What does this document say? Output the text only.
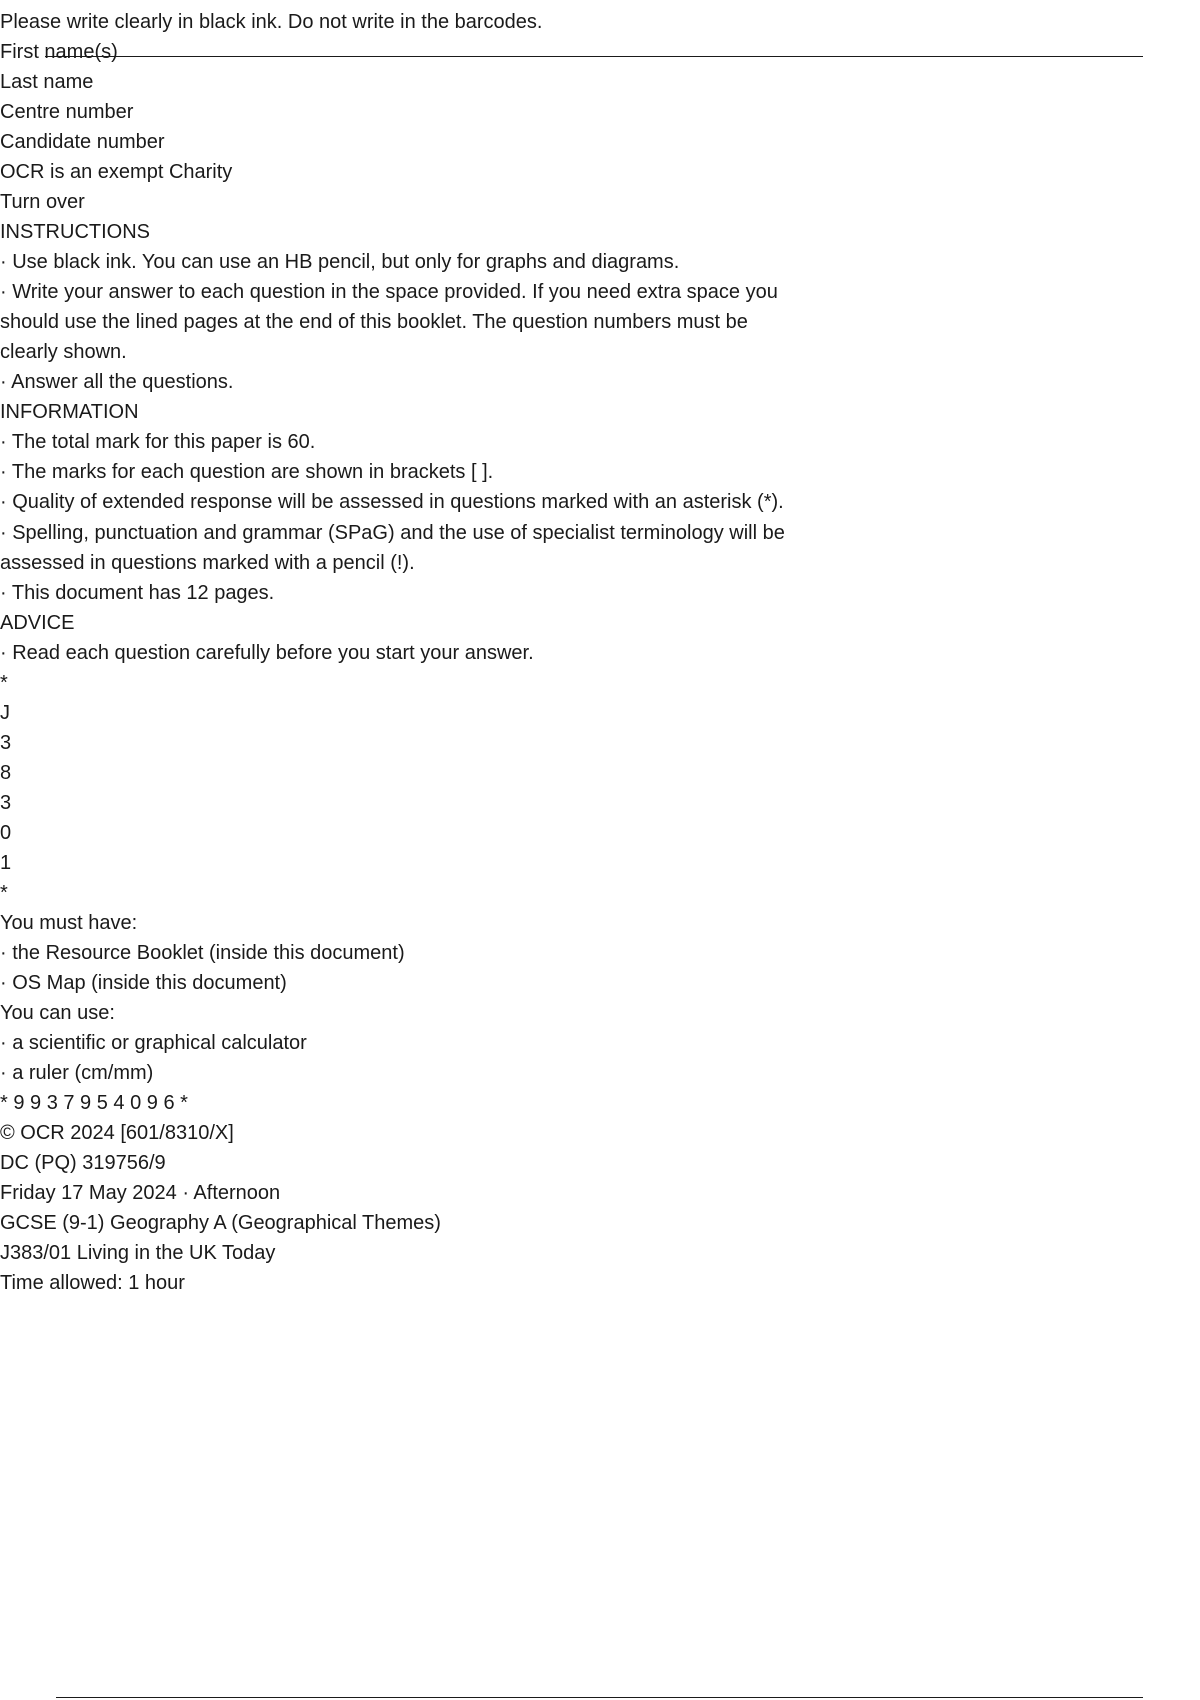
Please write clearly in black ink. Do not write in the barcodes.

First name(s)

Last name

Centre number

Candidate number

OCR is an exempt Charity

Turn over

INSTRUCTIONS

· Use black ink. You can use an HB pencil, but only for graphs and diagrams.

· Write your answer to each question in the space provided. If you need extra space you

should use the lined pages at the end of this booklet. The question numbers must be

clearly shown.

· Answer all the questions.

INFORMATION

· The total mark for this paper is 60.

· The marks for each question are shown in brackets [ ].

· Quality of extended response will be assessed in questions marked with an asterisk (*).

· Spelling, punctuation and grammar (SPaG) and the use of specialist terminology will be

assessed in questions marked with a pencil (!).

· This document has 12 pages.

ADVICE

· Read each question carefully before you start your answer.

*

J

3

8

3

0

1

*

You must have:

· the Resource Booklet (inside this document)

· OS Map (inside this document)

You can use:

· a scientific or graphical calculator

· a ruler (cm/mm)

* 9 9 3 7 9 5 4 0 9 6 *

© OCR 2024 [601/8310/X]

DC (PQ) 319756/9

Friday 17 May 2024 · Afternoon

GCSE (9-1) Geography A (Geographical Themes)

J383/01 Living in the UK Today

Time allowed: 1 hour
